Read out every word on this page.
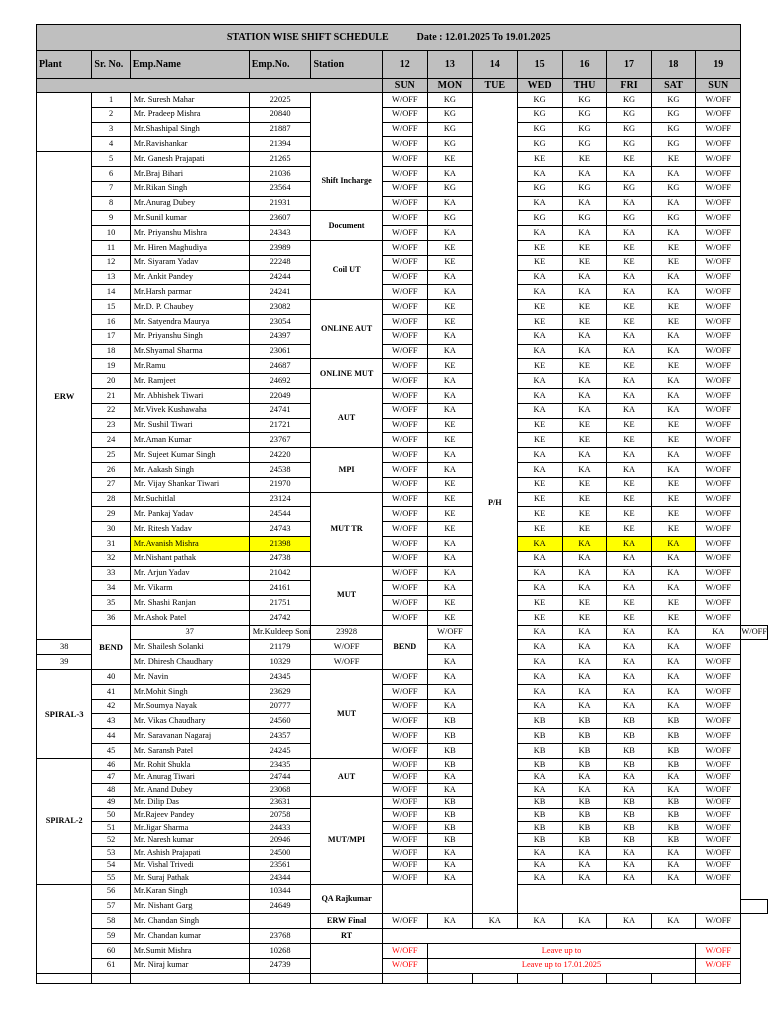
STATION WISE SHIFT SCHEDULE Date : 12.01.2025 To 19.01.2025													
Plant	Sr. No.	Emp.Name	Emp.No.	Station	12	13	14	15	16	17	18	19	
					SUN	MON	TUE	WED	THU	FRI	SAT	SUN	
	1	Mr. Suresh Mahar	22025		W/OFF	KG	P/H	KG	KG	KG	KG	W/OFF	
	2	Mr. Pradeep Mishra	20840		W/OFF	KG		KG	KG	KG	KG	W/OFF	
	3	Mr.Shashipal Singh	21887		W/OFF	KG		KG	KG	KG	KG	W/OFF	
	4	Mr.Ravishankar	21394		W/OFF	KG		KG	KG	KG	KG	W/OFF	
ERW	5	Mr. Ganesh Prajapati	21265	Shift Incharge	W/OFF	KE		KE	KE	KE	KE	W/OFF	
	6	Mr.Braj Bihari	21036		W/OFF	KA		KA	KA	KA	KA	W/OFF	
	7	Mr.Rikan Singh	23564		W/OFF	KG		KG	KG	KG	KG	W/OFF	
	8	Mr.Anurag Dubey	21931		W/OFF	KA		KA	KA	KA	KA	W/OFF	
	9	Mr.Sunil kumar	23607	Document	W/OFF	KG		KG	KG	KG	KG	W/OFF	
	10	Mr. Priyanshu Mishra	24343		W/OFF	KA		KA	KA	KA	KA	W/OFF	
	11	Mr. Hiren Maghudiya	23989	Coil UT	W/OFF	KE		KE	KE	KE	KE	W/OFF	
	12	Mr. Siyaram Yadav	22248		W/OFF	KE		KE	KE	KE	KE	W/OFF	
	13	Mr. Ankit Pandey	24244		W/OFF	KA		KA	KA	KA	KA	W/OFF	
	14	Mr.Harsh parmar	24241		W/OFF	KA		KA	KA	KA	KA	W/OFF	
	15	Mr.D. P. Chaubey	23082	ONLINE AUT	W/OFF	KE		KE	KE	KE	KE	W/OFF	
	16	Mr. Satyendra Maurya	23054		W/OFF	KE		KE	KE	KE	KE	W/OFF	
	17	Mr. Priyanshu Singh	24397		W/OFF	KA		KA	KA	KA	KA	W/OFF	
	18	Mr.Shyamal Sharma	23061		W/OFF	KA		KA	KA	KA	KA	W/OFF	
	19	Mr.Ramu	24687	ONLINE MUT	W/OFF	KE		KE	KE	KE	KE	W/OFF	
	20	Mr. Ramjeet	24692		W/OFF	KA		KA	KA	KA	KA	W/OFF	
	21	Mr. Abhishek Tiwari	22049	AUT	W/OFF	KA		KA	KA	KA	KA	W/OFF	
	22	Mr.Vivek Kushawaha	24741		W/OFF	KA		KA	KA	KA	KA	W/OFF	
	23	Mr. Sushil Tiwari	21721		W/OFF	KE		KE	KE	KE	KE	W/OFF	
	24	Mr.Aman Kumar	23767		W/OFF	KE		KE	KE	KE	KE	W/OFF	
	25	Mr. Sujeet Kumar Singh	24220	MPI	W/OFF	KA		KA	KA	KA	KA	W/OFF	
	26	Mr. Aakash Singh	24538		W/OFF	KA		KA	KA	KA	KA	W/OFF	
	27	Mr. Vijay Shankar Tiwari	21970		W/OFF	KE		KE	KE	KE	KE	W/OFF	
	28	Mr.Suchitlal	23124	MUT TR	W/OFF	KE		KE	KE	KE	KE	W/OFF	
	29	Mr. Pankaj Yadav	24544		W/OFF	KE		KE	KE	KE	KE	W/OFF	
	30	Mr. Ritesh Yadav	24743		W/OFF	KE		KE	KE	KE	KE	W/OFF	
	31	Mr.Avanish Mishra	21398		W/OFF	KA		KA	KA	KA	KA	W/OFF	
	32	Mr.Nishant pathak	24738		W/OFF	KA		KA	KA	KA	KA	W/OFF	
	33	Mr. Arjun Yadav	21042	MUT	W/OFF	KA		KA	KA	KA	KA	W/OFF	
	34	Mr. Vikarm	24161		W/OFF	KA		KA	KA	KA	KA	W/OFF	
	35	Mr. Shashi Ranjan	21751		W/OFF	KE		KE	KE	KE	KE	W/OFF	
	36	Mr.Ashok Patel	24742		W/OFF	KE		KE	KE	KE	KE	W/OFF	
	BEND	37	Mr.Kuldeep Soni	23928	BEND	W/OFF		KA	KA	KA	KA	KA	W/OFF
38		Mr. Shailesh Solanki	21179	W/OFF		KA		KA	KA	KA	KA	W/OFF	
39		Mr. Dhiresh Chaudhary	10329	W/OFF		KA		KA	KA	KA	KA	W/OFF	
SPIRAL-3	40	Mr. Navin	24345	MUT	W/OFF	KA		KA	KA	KA	KA	W/OFF	
	41	Mr.Mohit Singh	23629		W/OFF	KA		KA	KA	KA	KA	W/OFF	
	42	Mr.Soumya Nayak	20777		W/OFF	KA		KA	KA	KA	KA	W/OFF	
	43	Mr. Vikas Chaudhary	24560		W/OFF	KB		KB	KB	KB	KB	W/OFF	
	44	Mr. Saravanan Nagaraj	24357		W/OFF	KB		KB	KB	KB	KB	W/OFF	
	45	Mr. Saransh Patel	24245		W/OFF	KB		KB	KB	KB	KB	W/OFF	
SPIRAL-2	46	Mr. Rohit Shukla	23435	AUT	W/OFF	KB		KB	KB	KB	KB	W/OFF	
	47	Mr. Anurag Tiwari	24744		W/OFF	KA		KA	KA	KA	KA	W/OFF	
	48	Mr. Anand Dubey	23068		W/OFF	KA		KA	KA	KA	KA	W/OFF	
	49	Mr. Dilip Das	23631	MUT/MPI	W/OFF	KB		KB	KB	KB	KB	W/OFF	
	50	Mr.Rajeev Pandey	20758		W/OFF	KB		KB	KB	KB	KB	W/OFF	
	51	Mr.Jigar Sharma	24433		W/OFF	KB		KB	KB	KB	KB	W/OFF	
	52	Mr. Naresh kumar	20946		W/OFF	KB		KB	KB	KB	KB	W/OFF	
	53	Mr. Ashish Prajapati	24500		W/OFF	KA		KA	KA	KA	KA	W/OFF	
	54	Mr. Vishal Trivedi	23561		W/OFF	KA		KA	KA	KA	KA	W/OFF	
	55	Mr. Suraj Pathak	24344		W/OFF	KA		KA	KA	KA	KA	W/OFF	
	56	Mr.Karan Singh	10344	QA Rajkumar									
	57	Mr. Nishant Garg	24649										
	58	Mr. Chandan Singh		ERW Final	W/OFF	KA	KA	KA	KA	KA	KA	W/OFF	
	59	Mr. Chandan kumar	23768	RT									
	60	Mr.Sumit Mishra	10268		W/OFF	Leave up to						W/OFF	
	61	Mr. Niraj kumar	24739		W/OFF	Leave up to 17.01.2025						W/OFF	
